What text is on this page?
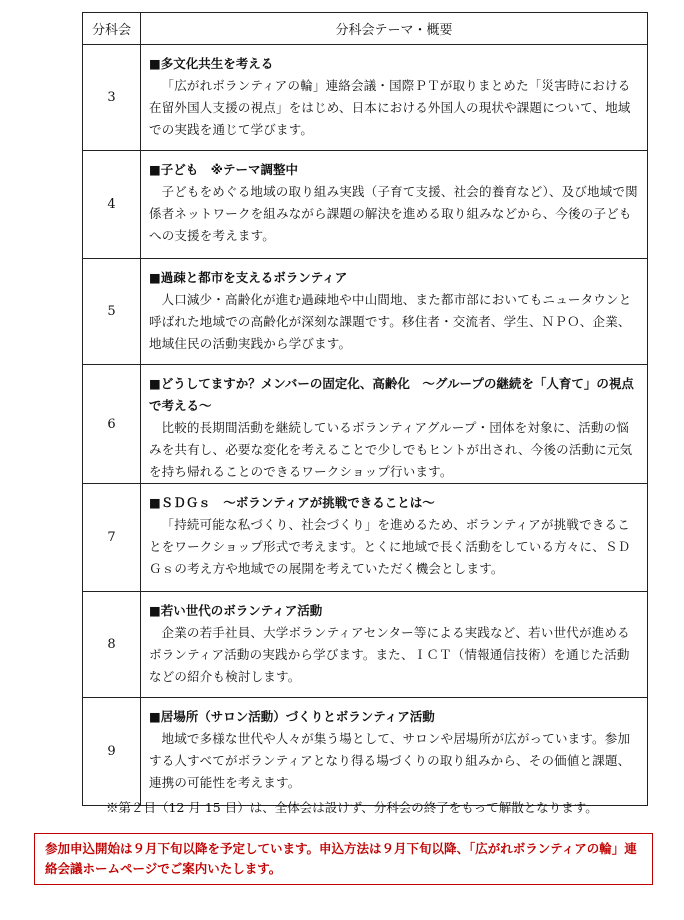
分科会	分科会テーマ・概要
3	■多文化共生を考える
「広がれボランティアの輪」連絡会議・国際ＰＴが取りまとめた「災害時における在留外国人支援の視点」をはじめ、日本における外国人の現状や課題について、地域での実践を通じて学びます。

4	■子ども　※テーマ調整中
子どもをめぐる地域の取り組み実践（子育て支援、社会的養育など）、及び地域で関係者ネットワークを組みながら課題の解決を進める取り組みなどから、今後の子どもへの支援を考えます。

5	■過疎と都市を支えるボランティア
人口減少・高齢化が進む過疎地や中山間地、また都市部においてもニュータウンと呼ばれた地域での高齢化が深刻な課題です。移住者・交流者、学生、ＮＰＯ、企業、地域住民の活動実践から学びます。

6	■どうしてますか？メンバーの固定化、高齢化　～グループの継続を「人育て」の視点で考える～
比較的長期間活動を継続しているボランティアグループ・団体を対象に、活動の悩みを共有し、必要な変化を考えることで少しでもヒントが出され、今後の活動に元気を持ち帰れることのできるワークショップ行います。

7	■ＳＤＧｓ　～ボランティアが挑戦できることは～
「持続可能な私づくり、社会づくり」を進めるため、ボランティアが挑戦できることをワークショップ形式で考えます。とくに地域で長く活動をしている方々に、ＳＤＧｓの考え方や地域での展開を考えていただく機会とします。

8	■若い世代のボランティア活動
企業の若手社員、大学ボランティアセンター等による実践など、若い世代が進めるボランティア活動の実践から学びます。また、ＩＣＴ（情報通信技術）を通じた活動などの紹介も検討します。

9	■居場所（サロン活動）づくりとボランティア活動
地域で多様な世代や人々が集う場として、サロンや居場所が広がっています。参加する人すべてがボランティアとなり得る場づくりの取り組みから、その価値と課題、連携の可能性を考えます。
※第２日（12 月 15 日）は、全体会は設けず、分科会の終了をもって解散となります。
参加申込開始は９月下旬以降を予定しています。申込方法は９月下旬以降、「広がれボランティアの輪」連絡会議ホームページでご案内いたします。
